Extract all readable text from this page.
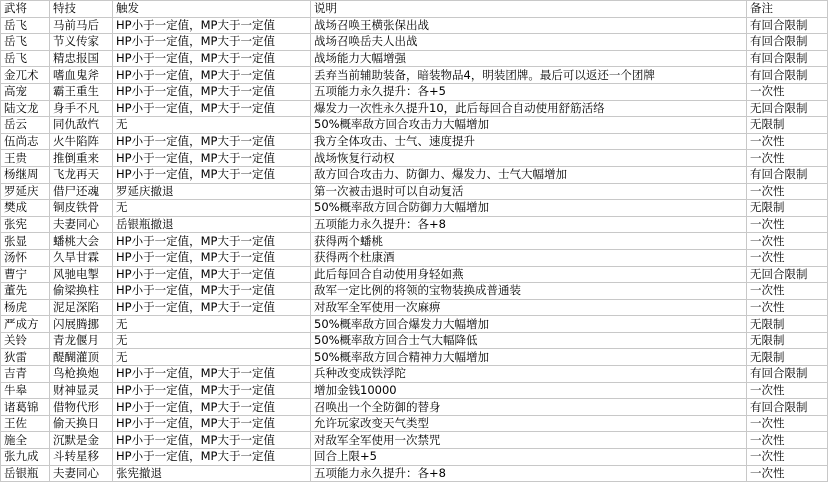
武将	特技	触发	说明	备注
岳飞	马前马后	HP小于一定值，MP大于一定值	战场召唤王横张保出战	有回合限制
岳飞	节义传家	HP小于一定值，MP大于一定值	战场召唤岳夫人出战	有回合限制
岳飞	精忠报国	HP小于一定值，MP大于一定值	战场能力大幅增强	有回合限制
金兀术	嗜血鬼斧	HP小于一定值，MP大于一定值	丢弃当前辅助装备，暗装物品4，明装团牌。最后可以返还一个团牌	有回合限制
高宠	霸王重生	HP小于一定值，MP大于一定值	五项能力永久提升：各+5	一次性
陆文龙	身手不凡	HP小于一定值，MP大于一定值	爆发力一次性永久提升10，此后每回合自动使用舒筋活络	无回合限制
岳云	同仇敌忾	无	50%概率敌方回合攻击力大幅增加	无限制
伍尚志	火牛陷阵	HP小于一定值，MP大于一定值	我方全体攻击、士气、速度提升	一次性
王贵	推倒重来	HP小于一定值，MP大于一定值	战场恢复行动权	一次性
杨继周	飞龙再天	HP小于一定值，MP大于一定值	敌方回合攻击力、防御力、爆发力、士气大幅增加	有回合限制
罗延庆	借尸还魂	罗延庆撤退	第一次被击退时可以自动复活	一次性
樊成	铜皮铁骨	无	50%概率敌方回合防御力大幅增加	无限制
张宪	夫妻同心	岳银瓶撤退	五项能力永久提升：各+8	一次性
张显	蟠桃大会	HP小于一定值，MP大于一定值	获得两个蟠桃	一次性
汤怀	久旱甘霖	HP小于一定值，MP大于一定值	获得两个杜康酒	一次性
曹宁	风驰电掣	HP小于一定值，MP大于一定值	此后每回合自动使用身轻如燕	无回合限制
董先	偷梁换柱	HP小于一定值，MP大于一定值	敌军一定比例的将领的宝物装换成普通装	一次性
杨虎	泥足深陷	HP小于一定值，MP大于一定值	对敌军全军使用一次麻痹	一次性
严成方	闪展腾挪	无	50%概率敌方回合爆发力大幅增加	无限制
关铃	青龙偃月	无	50%概率敌方回合士气大幅降低	无限制
狄雷	醍醐灌顶	无	50%概率敌方回合精神力大幅增加	无限制
吉青	鸟枪换炮	HP小于一定值，MP大于一定值	兵种改变成铁浮陀	有回合限制
牛皋	财神显灵	HP小于一定值，MP大于一定值	增加金钱10000	一次性
诸葛锦	借物代形	HP小于一定值，MP大于一定值	召唤出一个全防御的替身	有回合限制
王佐	偷天换日	HP小于一定值，MP大于一定值	允许玩家改变天气类型	一次性
施全	沉默是金	HP小于一定值，MP大于一定值	对敌军全军使用一次禁咒	一次性
张九成	斗转星移	HP小于一定值，MP大于一定值	回合上限+5	一次性
岳银瓶	夫妻同心	张宪撤退	五项能力永久提升：各+8	一次性
